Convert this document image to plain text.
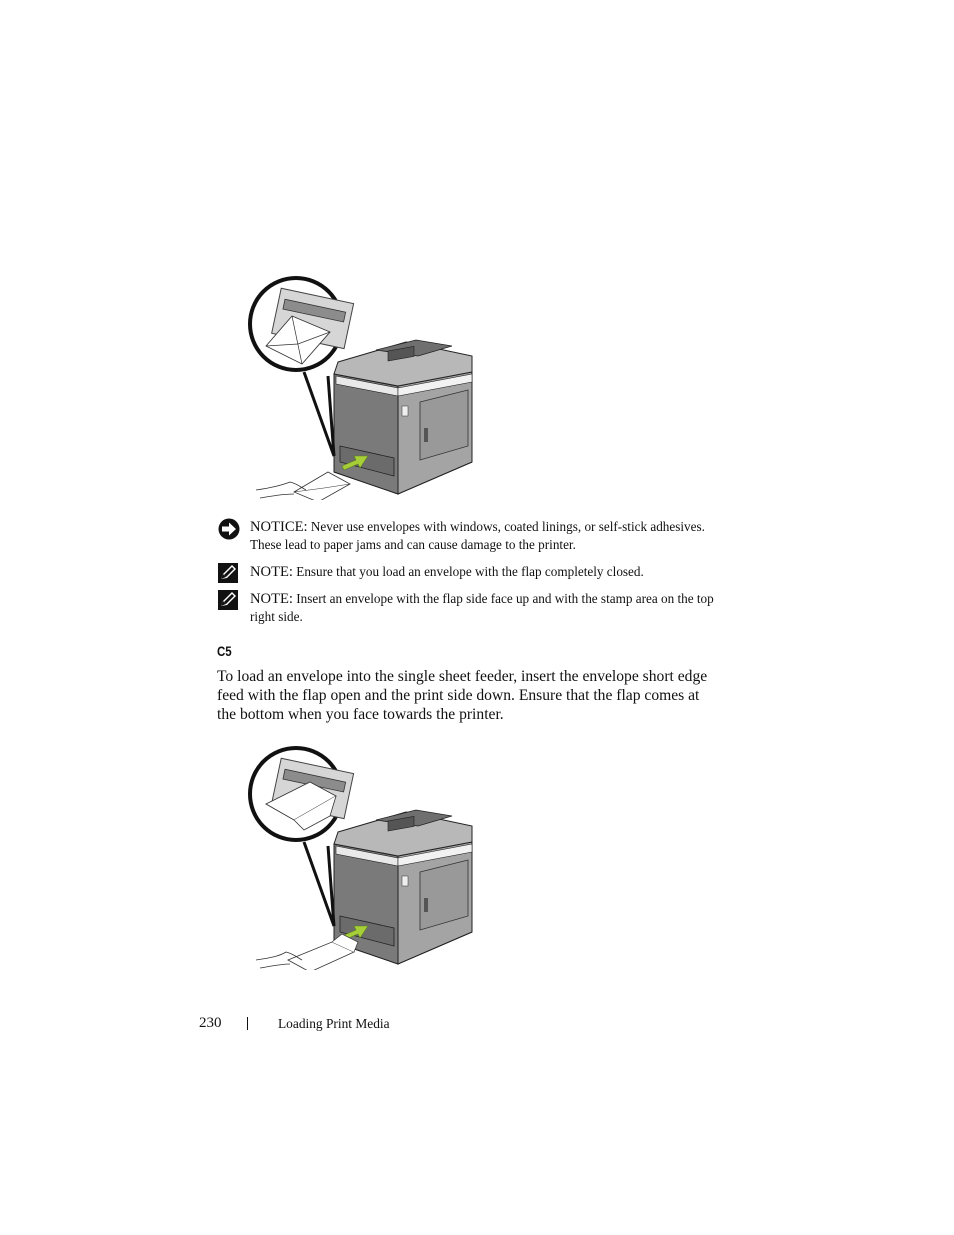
NOTICE: Never use envelopes with windows, coated linings, or self-stick adhesives. These lead to paper jams and can cause damage to the printer.
NOTE: Ensure that you load an envelope with the flap completely closed.
NOTE: Insert an envelope with the flap side face up and with the stamp area on the top right side.
C5
To load an envelope into the single sheet feeder, insert the envelope short edge feed with the flap open and the print side down. Ensure that the flap comes at the bottom when you face towards the printer.
230	Loading Print Media
